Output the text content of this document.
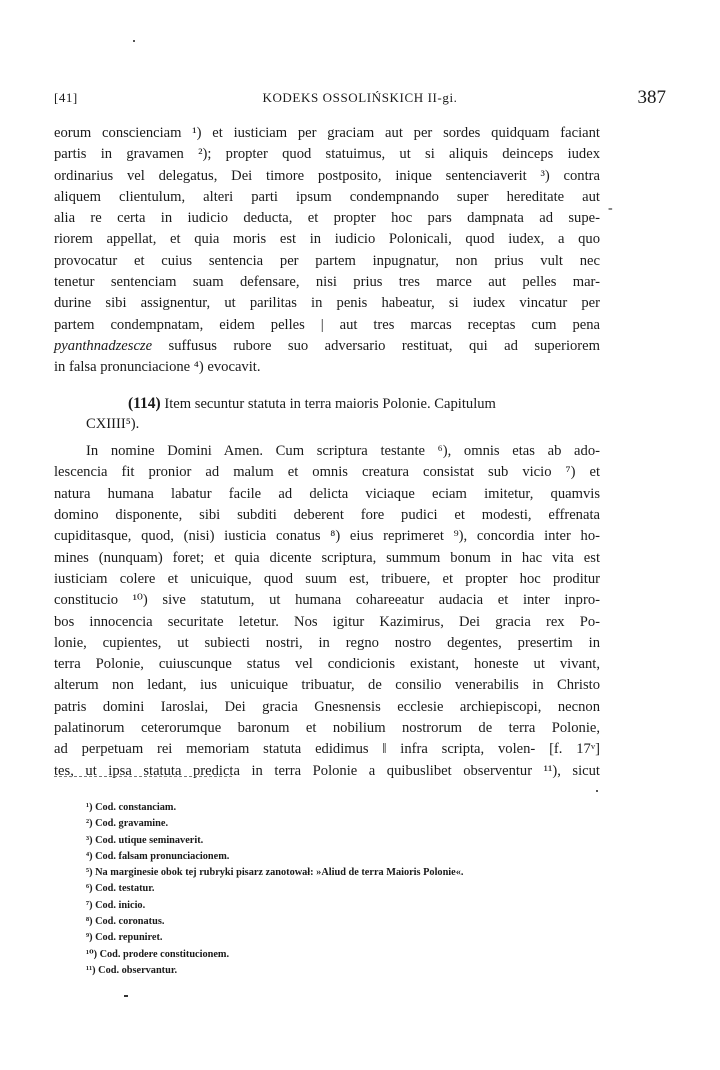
[41]	KODEKS OSSOLIŃSKICH II-gi.	387
-
eorum conscienciam ¹) et iusticiam per graciam aut per sordes quidquam faciant
partis in gravamen ²); propter quod statuimus, ut si aliquis deinceps iudex
ordinarius vel delegatus, Dei timore postposito, inique sentenciaverit ³) contra
aliquem clientulum, alteri parti ipsum condempnando super hereditate aut
alia re certa in iudicio deducta, et propter hoc pars dampnata ad supe-
riorem appellat, et quia moris est in iudicio Polonicali, quod iudex, a quo
provocatur et cuius sentencia per partem inpugnatur, non prius vult nec
tenetur sentenciam suam defensare, nisi prius tres marce aut pelles mar-
durine sibi assignentur, ut parilitas in penis habeatur, si iudex vincatur per
partem condempnatam, eidem pelles | aut tres marcas receptas cum pena
pyanthnadzescze suffusus rubore suo adversario restituat, qui ad superiorem
in falsa pronunciacione ⁴) evocavit.
(114) Item secuntur statuta in terra maioris Polonie. Capitulum
CXIIII⁵).
In nomine Domini Amen. Cum scriptura testante ⁶), omnis etas ab ado-
lescencia fit pronior ad malum et omnis creatura consistat sub vicio ⁷) et
natura humana labatur facile ad delicta viciaque eciam imitetur, quamvis
domino disponente, sibi subditi deberent fore pudici et modesti, effrenata
cupiditasque, quod, (nisi) iusticia conatus ⁸) eius reprimeret ⁹), concordia inter ho-
mines (nunquam) foret; et quia dicente scriptura, summum bonum in hac vita est
iusticiam colere et unicuique, quod suum est, tribuere, et propter hoc proditur
constitucio ¹⁰) sive statutum, ut humana cohareeatur audacia et inter inpro-
bos innocencia securitate letetur. Nos igitur Kazimirus, Dei gracia rex Po-
lonie, cupientes, ut subiecti nostri, in regno nostro degentes, presertim in
terra Polonie, cuiuscunque status vel condicionis existant, honeste ut vivant,
alterum non ledant, ius unicuique tribuatur, de consilio venerabilis in Christo
patris domini Iaroslai, Dei gracia Gnesnensis ecclesie archiepiscopi, necnon
palatinorum ceterorumque baronum et nobilium nostrorum de terra Polonie,
ad perpetuam rei memoriam statuta edidimus ‖ infra scripta, volen- [f. 17ᵛ]
tes, ut ipsa statuta predicta in terra Polonie a quibuslibet observentur ¹¹), sicut
¹) Cod. constanciam.
²) Cod. gravamine.
³) Cod. utique seminaverit.
⁴) Cod. falsam pronunciacionem.
⁵) Na marginesie obok tej rubryki pisarz zanotował: »Aliud de terra Maioris Polonie«.
⁶) Cod. testatur.
⁷) Cod. inicio.
⁸) Cod. coronatus.
⁹) Cod. repuniret.
¹⁰) Cod. prodere constitucionem.
¹¹) Cod. observantur.
